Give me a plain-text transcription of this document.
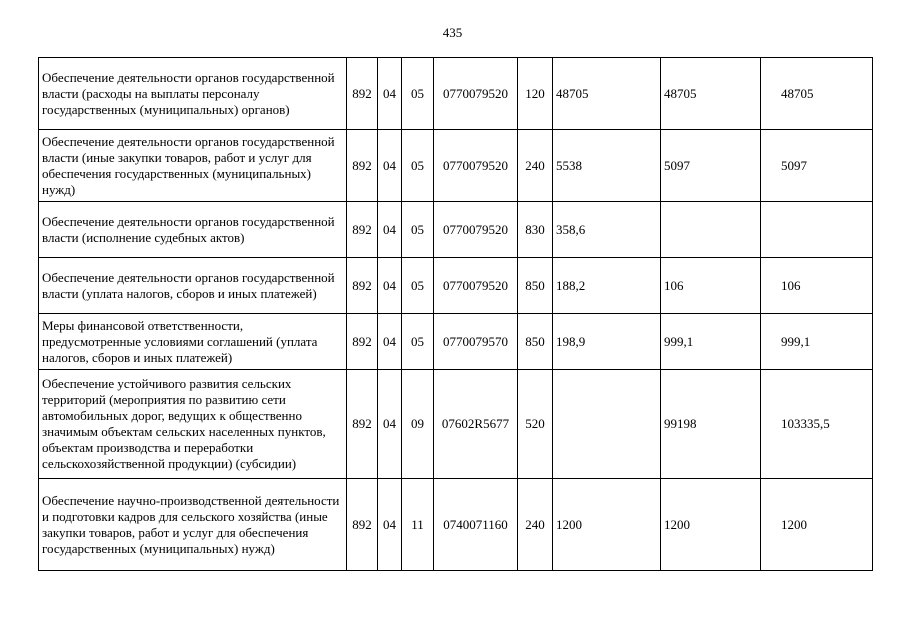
435
Обеспечение деятельности органов государственной власти (расходы на выплаты персоналу государственных (муниципальных) органов)	892	04	05	0770079520	120	48705	48705	48705
Обеспечение деятельности органов государственной власти (иные закупки товаров, работ и услуг для обеспечения государственных (муниципальных) нужд)	892	04	05	0770079520	240	5538	5097	5097
Обеспечение деятельности органов государственной власти (исполнение судебных актов)	892	04	05	0770079520	830	358,6		
Обеспечение деятельности органов государственной власти (уплата налогов, сборов и иных платежей)	892	04	05	0770079520	850	188,2	106	106
Меры финансовой ответственности, предусмотренные условиями соглашений (уплата налогов, сборов и иных платежей)	892	04	05	0770079570	850	198,9	999,1	999,1
Обеспечение устойчивого развития сельских территорий (мероприятия по развитию сети автомобильных дорог, ведущих к общественно значимым объектам сельских населенных пунктов, объектам производства и переработки сельскохозяйственной продукции) (субсидии)	892	04	09	07602R5677	520		99198	103335,5
Обеспечение научно-производственной деятельности и подготовки кадров для сельского хозяйства (иные закупки товаров, работ и услуг для обеспечения государственных (муниципальных) нужд)	892	04	11	0740071160	240	1200	1200	1200
